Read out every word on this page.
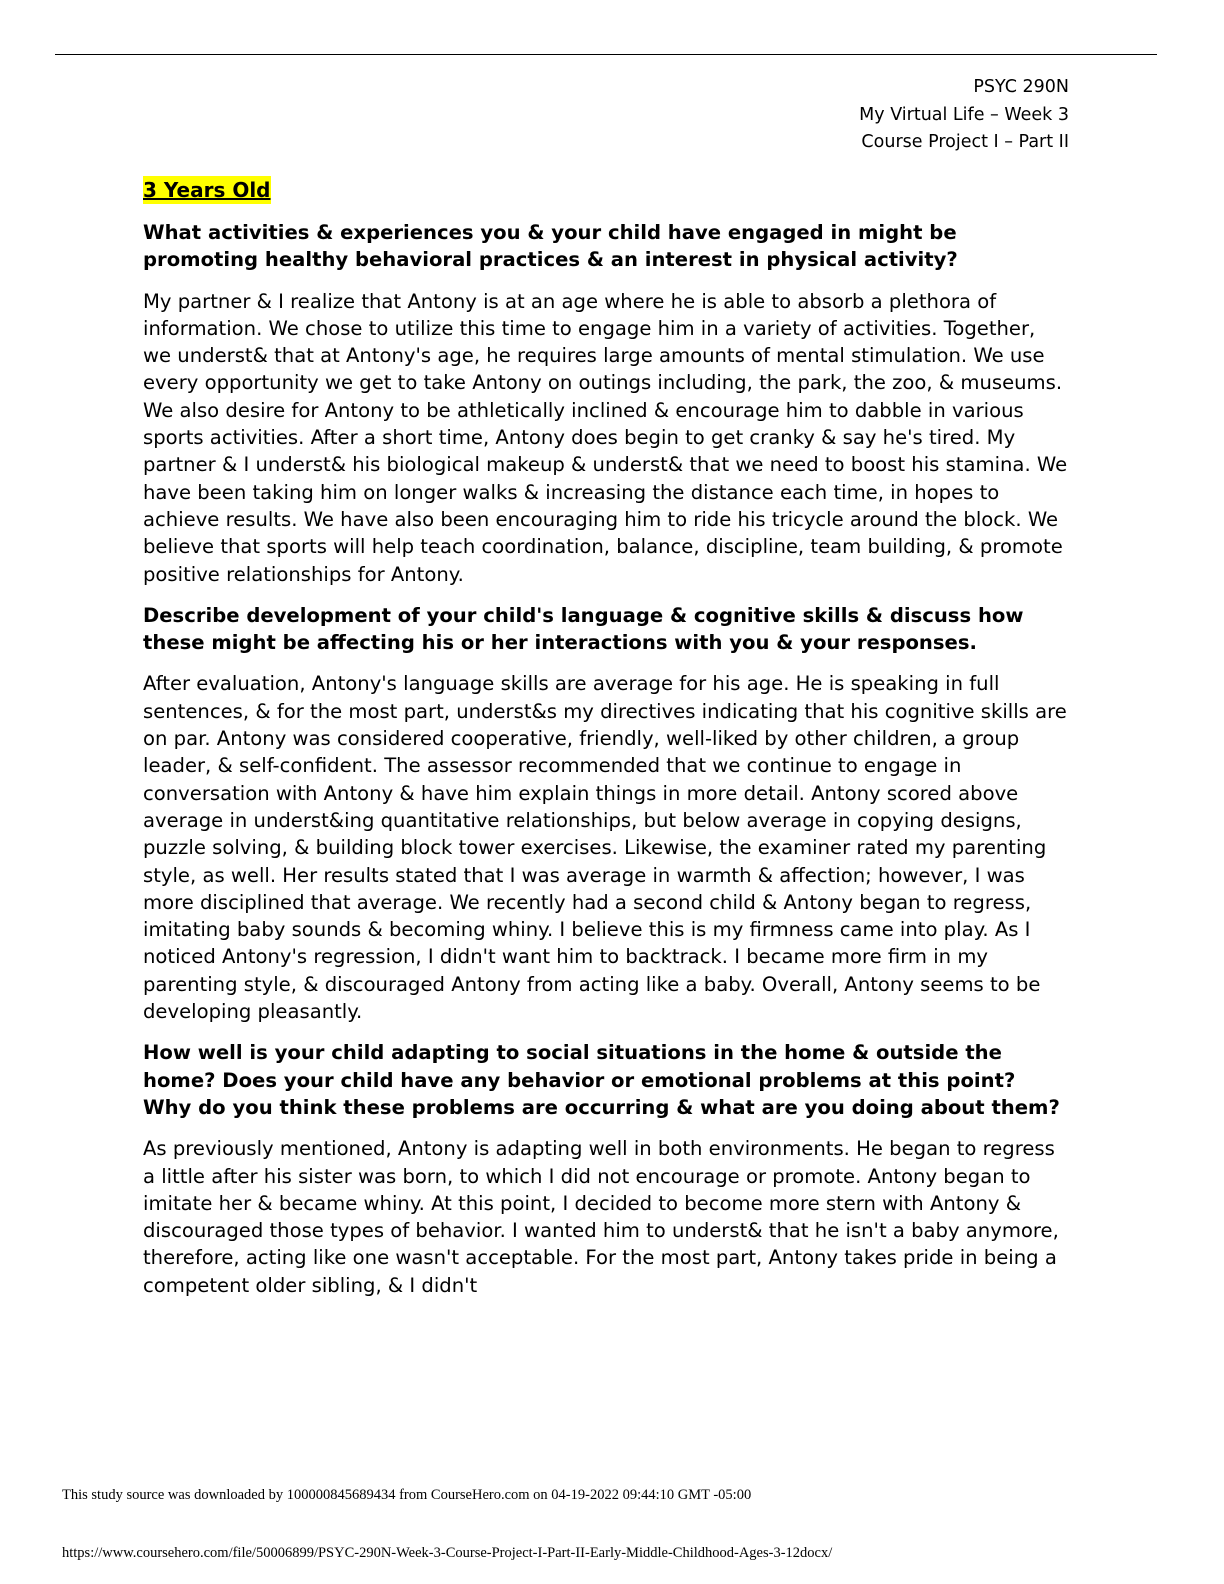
PSYC 290N
My Virtual Life – Week 3
Course Project I – Part II
3 Years Old
What activities & experiences you & your child have engaged in might be promoting healthy behavioral practices & an interest in physical activity?
My partner & I realize that Antony is at an age where he is able to absorb a plethora of information. We chose to utilize this time to engage him in a variety of activities. Together, we underst& that at Antony's age, he requires large amounts of mental stimulation. We use every opportunity we get to take Antony on outings including, the park, the zoo, & museums. We also desire for Antony to be athletically inclined & encourage him to dabble in various sports activities. After a short time, Antony does begin to get cranky & say he's tired. My partner & I underst& his biological makeup & underst& that we need to boost his stamina. We have been taking him on longer walks & increasing the distance each time, in hopes to achieve results. We have also been encouraging him to ride his tricycle around the block. We believe that sports will help teach coordination, balance, discipline, team building, & promote positive relationships for Antony.
Describe development of your child's language & cognitive skills & discuss how these might be affecting his or her interactions with you & your responses.
After evaluation, Antony's language skills are average for his age. He is speaking in full sentences, & for the most part, underst&s my directives indicating that his cognitive skills are on par. Antony was considered cooperative, friendly, well-liked by other children, a group leader, & self-confident. The assessor recommended that we continue to engage in conversation with Antony & have him explain things in more detail. Antony scored above average in underst&ing quantitative relationships, but below average in copying designs, puzzle solving, & building block tower exercises. Likewise, the examiner rated my parenting style, as well. Her results stated that I was average in warmth & affection; however, I was more disciplined that average. We recently had a second child & Antony began to regress, imitating baby sounds & becoming whiny. I believe this is my firmness came into play. As I noticed Antony's regression, I didn't want him to backtrack. I became more firm in my parenting style, & discouraged Antony from acting like a baby. Overall, Antony seems to be developing pleasantly.
How well is your child adapting to social situations in the home & outside the home? Does your child have any behavior or emotional problems at this point? Why do you think these problems are occurring & what are you doing about them?
As previously mentioned, Antony is adapting well in both environments. He began to regress a little after his sister was born, to which I did not encourage or promote. Antony began to imitate her & became whiny. At this point, I decided to become more stern with Antony & discouraged those types of behavior. I wanted him to underst& that he isn't a baby anymore, therefore, acting like one wasn't acceptable. For the most part, Antony takes pride in being a competent older sibling, & I didn't
This study source was downloaded by 100000845689434 from CourseHero.com on 04-19-2022 09:44:10 GMT -05:00
https://www.coursehero.com/file/50006899/PSYC-290N-Week-3-Course-Project-I-Part-II-Early-Middle-Childhood-Ages-3-12docx/
